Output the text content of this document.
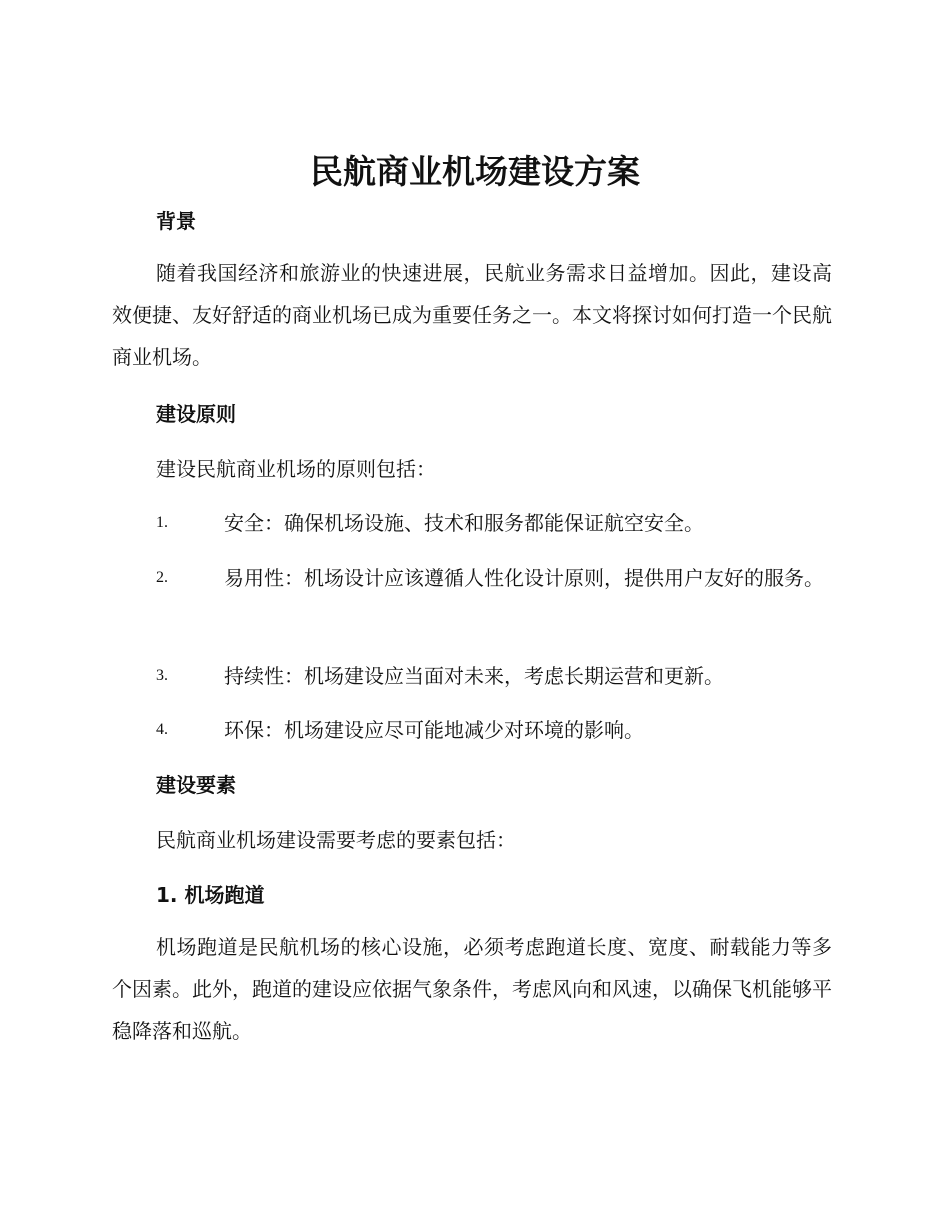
民航商业机场建设方案
背景

随着我国经济和旅游业的快速进展，民航业务需求日益增加。因此，建设高效便捷、友好舒适的商业机场已成为重要任务之一。本文将探讨如何打造一个民航商业机场。

建设原则

建设民航商业机场的原则包括：

1.	安全：确保机场设施、技术和服务都能保证航空安全。
2.	易用性：机场设计应该遵循人性化设计原则，提供用户友好的服务。
3.	持续性：机场建设应当面对未来，考虑长期运营和更新。
4.	环保：机场建设应尽可能地减少对环境的影响。
建设要素

民航商业机场建设需要考虑的要素包括：

1. 机场跑道

机场跑道是民航机场的核心设施，必须考虑跑道长度、宽度、耐载能力等多个因素。此外，跑道的建设应依据气象条件，考虑风向和风速，以确保飞机能够平稳降落和巡航。
